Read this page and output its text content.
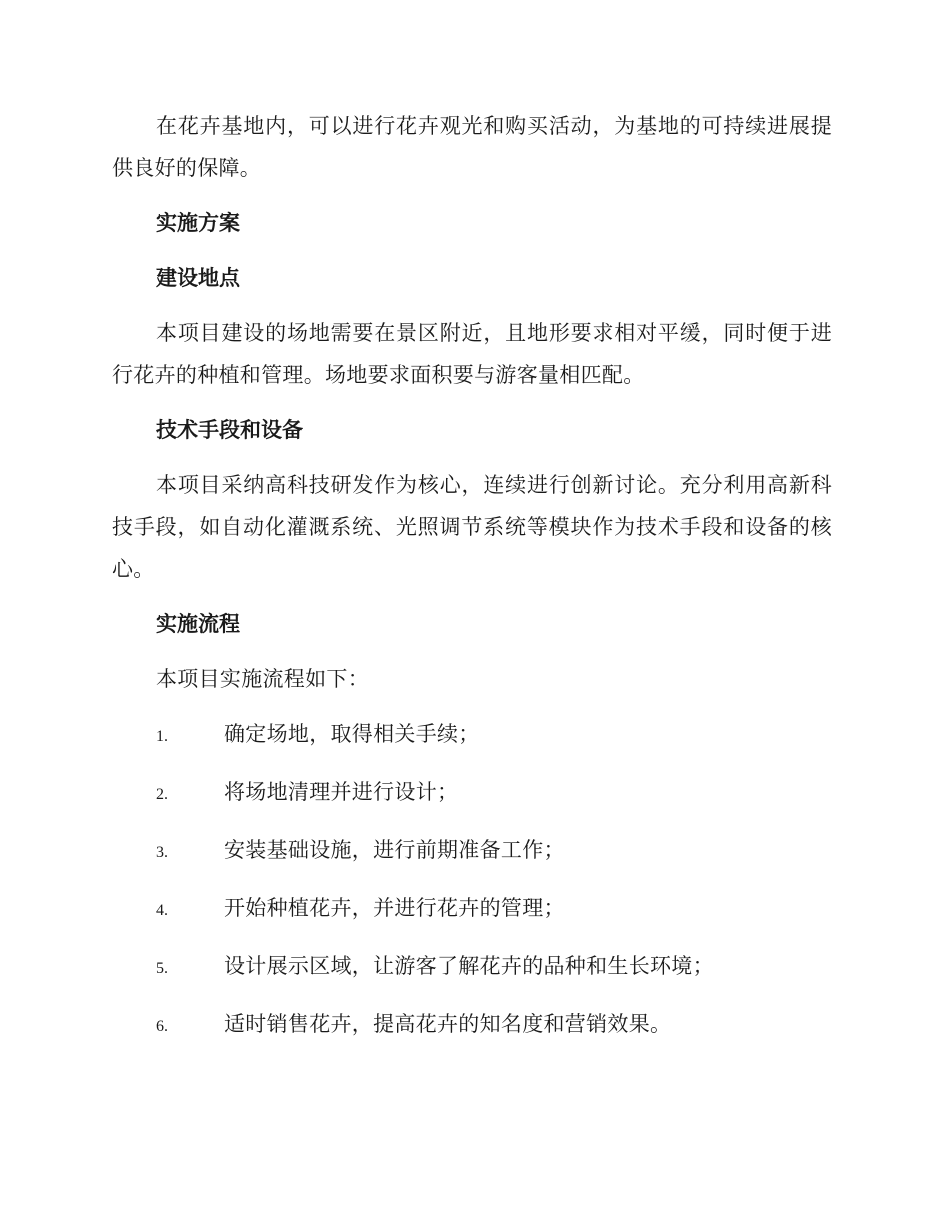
在花卉基地内，可以进行花卉观光和购买活动，为基地的可持续进展提供良好的保障。

实施方案
建设地点

本项目建设的场地需要在景区附近，且地形要求相对平缓，同时便于进行花卉的种植和管理。场地要求面积要与游客量相匹配。

技术手段和设备

本项目采纳高科技研发作为核心，连续进行创新讨论。充分利用高新科技手段，如自动化灌溉系统、光照调节系统等模块作为技术手段和设备的核心。

实施流程

本项目实施流程如下：

1.	确定场地，取得相关手续；
2.	将场地清理并进行设计；
3.	安装基础设施，进行前期准备工作；
4.	开始种植花卉，并进行花卉的管理；
5.	设计展示区域，让游客了解花卉的品种和生长环境；
6.	适时销售花卉，提高花卉的知名度和营销效果。
